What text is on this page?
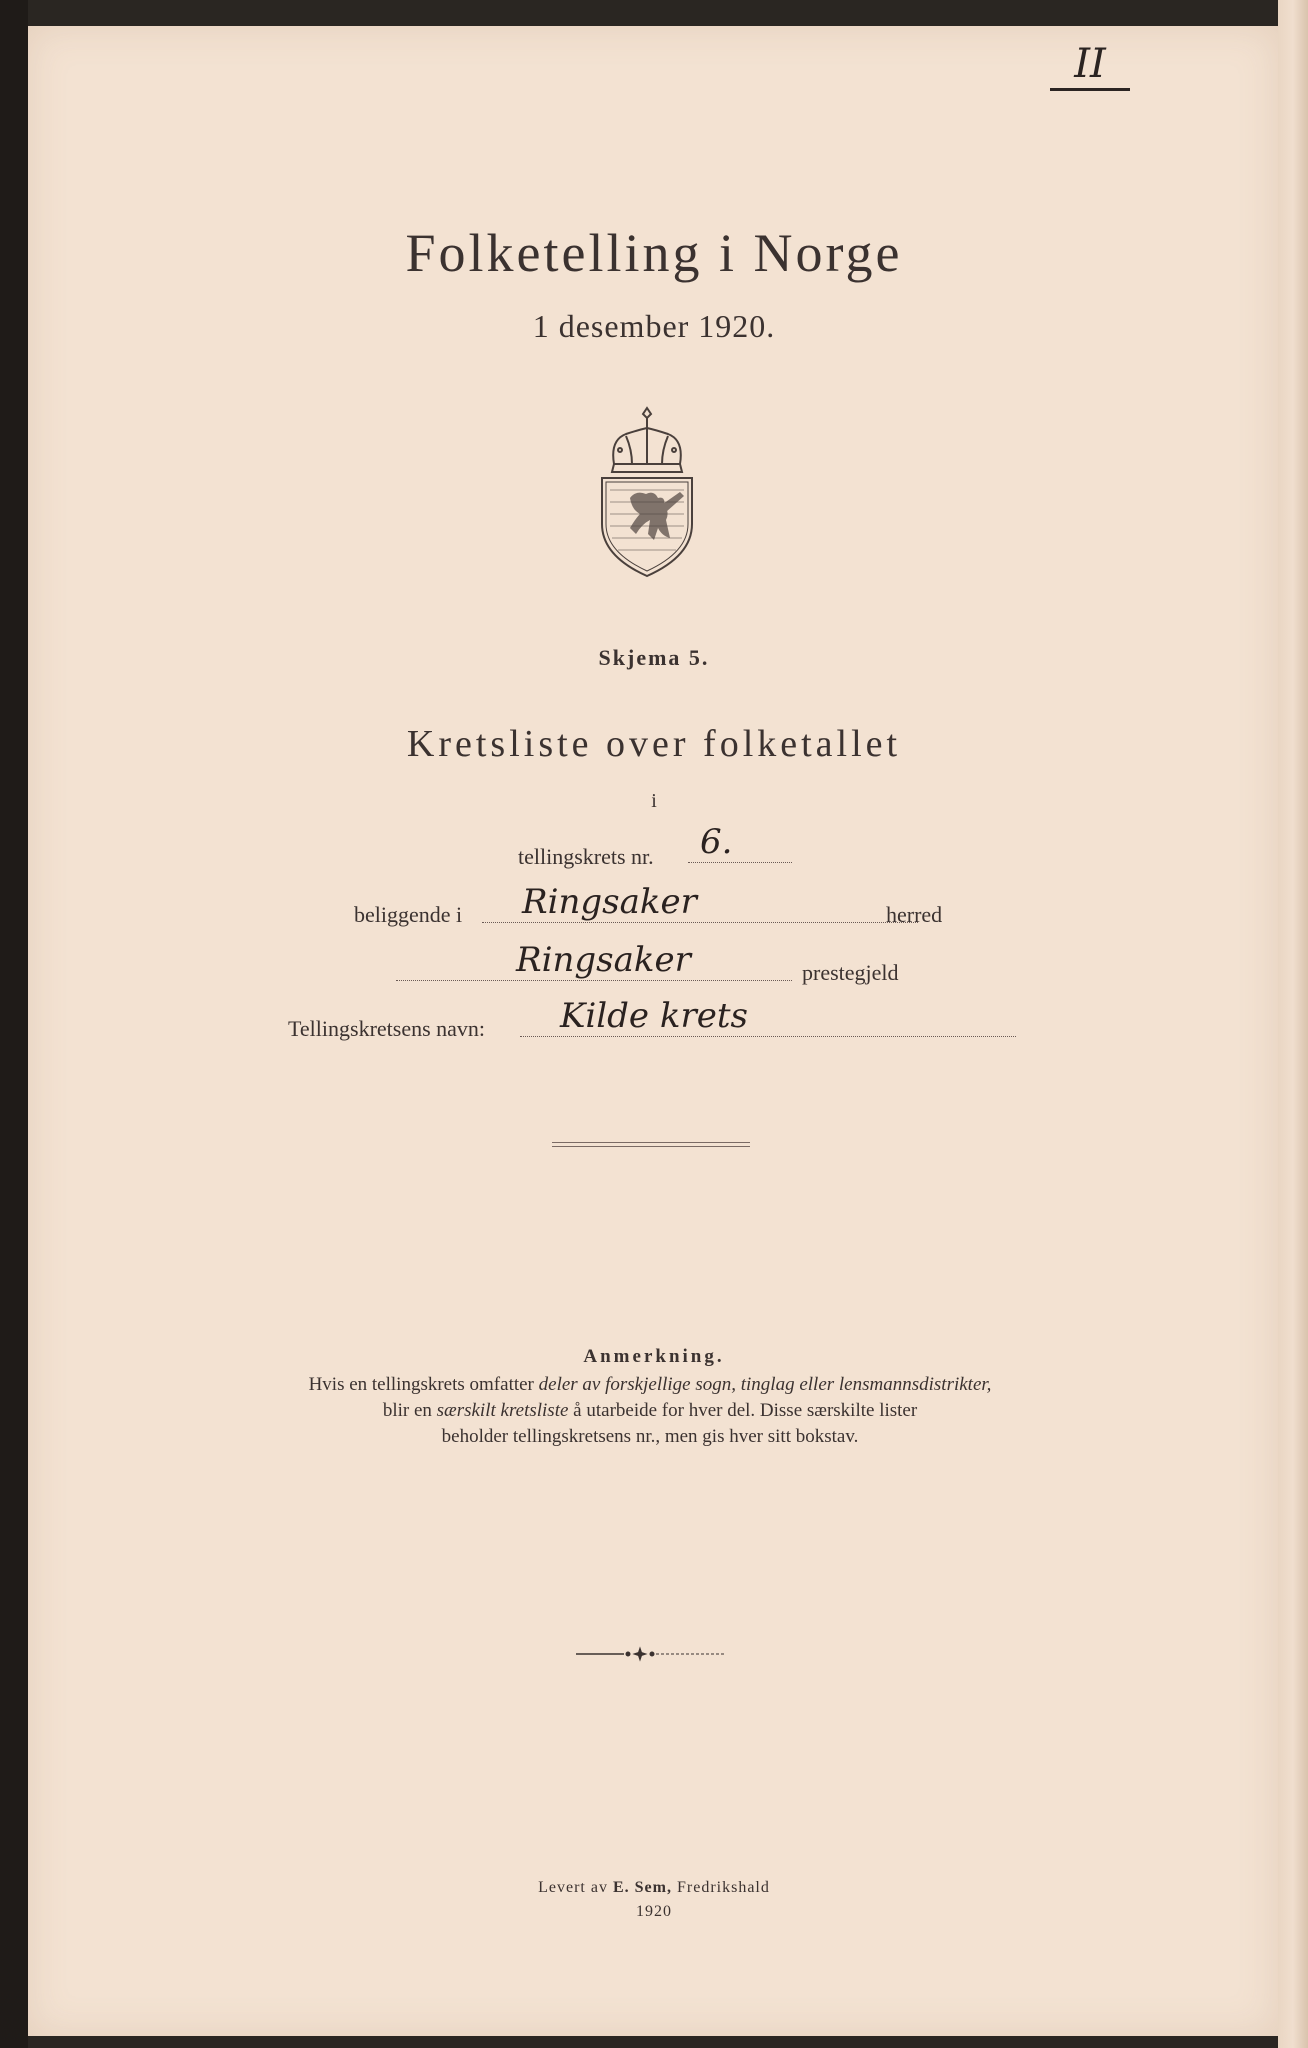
II
Folketelling i Norge
1 desember 1920.
Skjema 5.
Kretsliste over folketallet
i
tellingskrets nr.	6.
beliggende i	Ringsaker	herred
Ringsaker	prestegjeld
Tellingskretsens navn:	Kilde krets
Anmerkning.
Hvis en tellingskrets omfatter deler av forskjellige sogn, tinglag eller lensmannsdistrikter,
blir en særskilt kretsliste å utarbeide for hver del. Disse særskilte lister
beholder tellingskretsens nr., men gis hver sitt bokstav.
Levert av E. Sem, Fredrikshald
1920
